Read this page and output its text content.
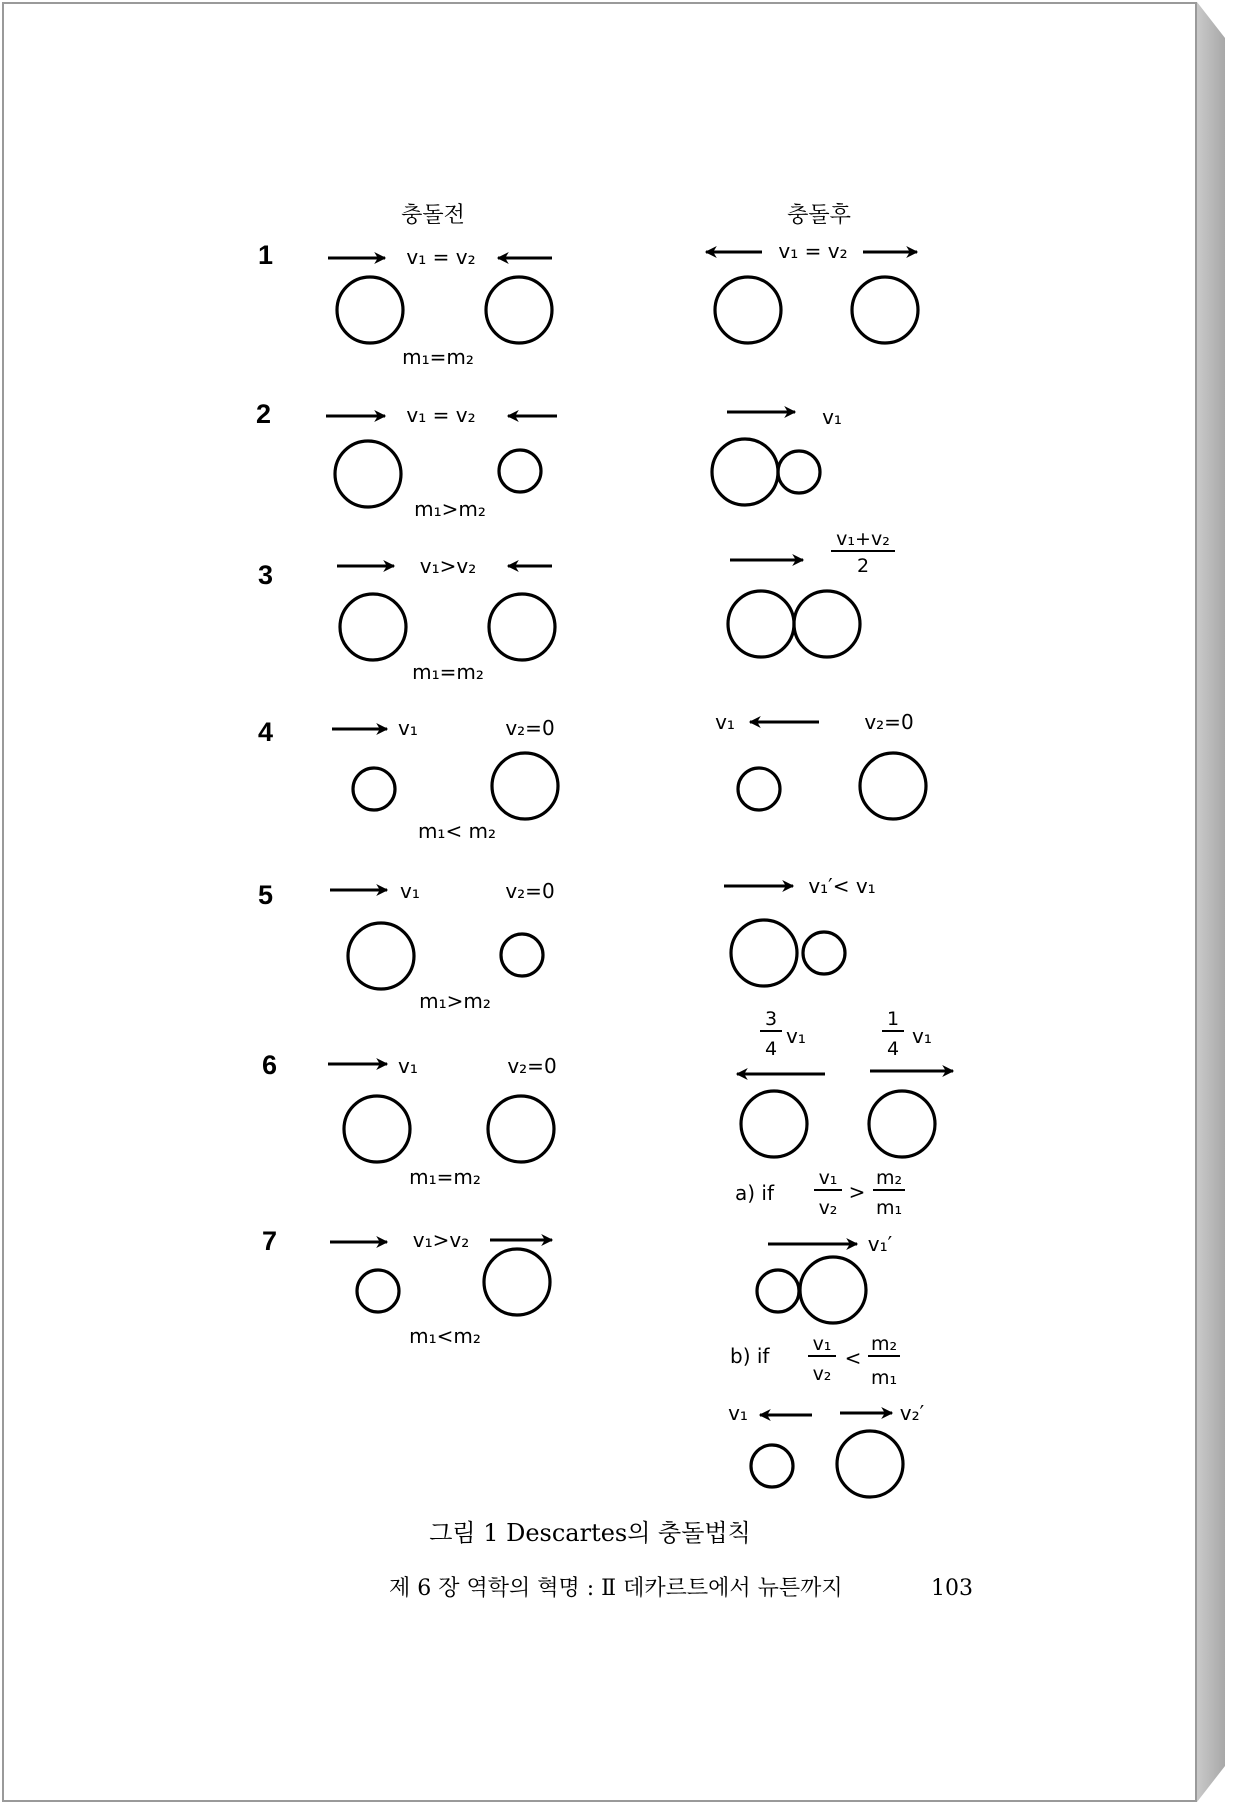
충돌전	충돌후
1	v₁ = v₂
m₁=m₂
v₁ = v₂
2	v₁ = v₂
m₁>m₂
v₁
3	v₁>v₂
m₁=m₂
v₁+v₂
2
4	v₁	v₂=0
m₁< m₂
v₁	v₂=0
5	v₁	v₂=0
m₁>m₂
v₁′< v₁
6	v₁	v₂=0
m₁=m₂
3
4
v₁
1
4
v₁
7	v₁>v₂
m₁<m₂
a) if
v₁
v₂
>
m₂
m₁
v₁′
b) if v₁
v₂
<
m₂
m₁
v₁	v₂′
그림 1 Descartes의 충돌법칙
제 6 장 역학의 혁명 : Ⅱ 데카르트에서 뉴튼까지	103
